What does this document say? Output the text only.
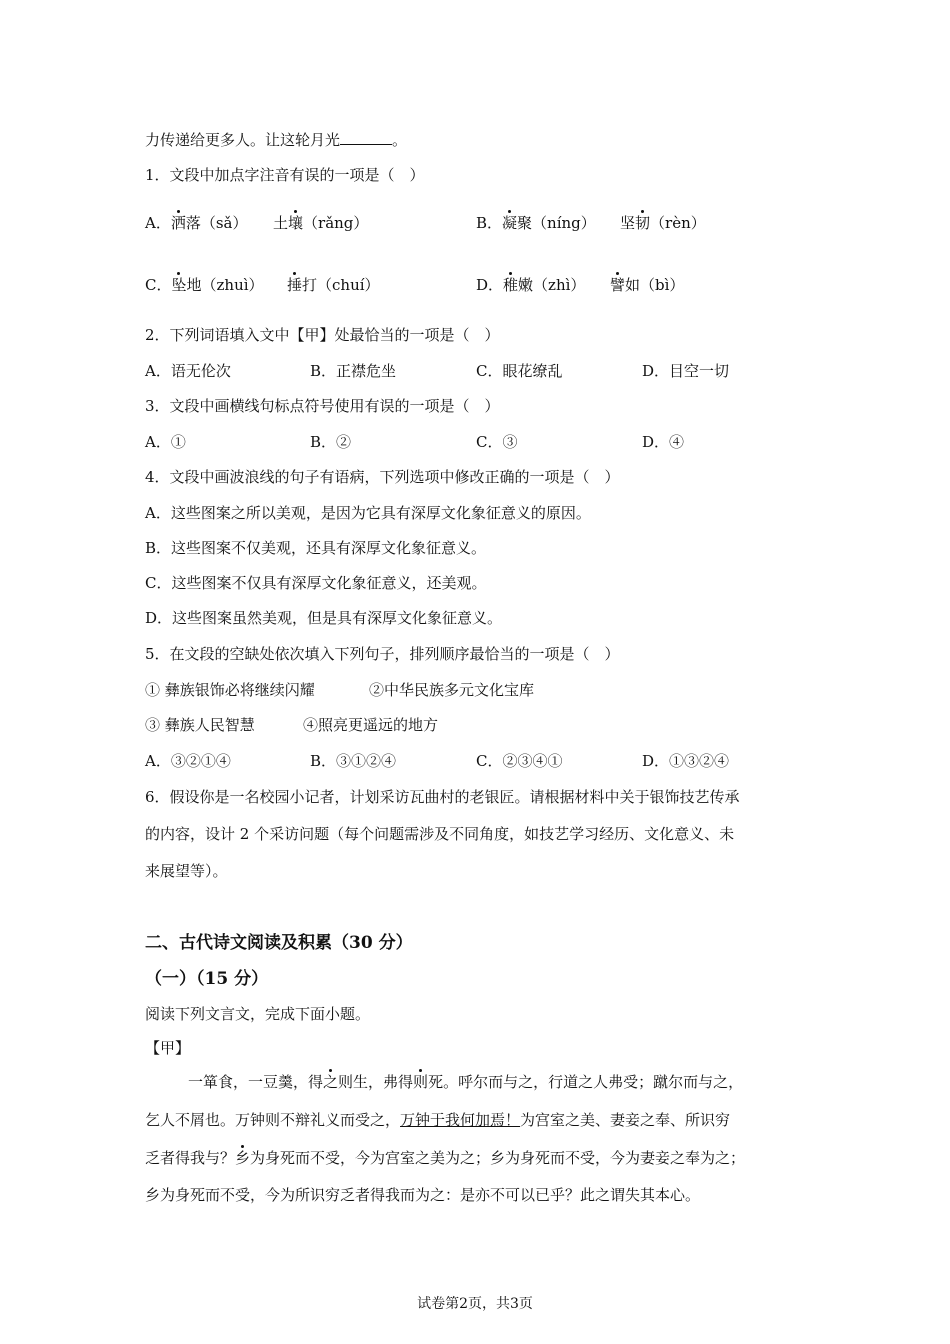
力传递给更多人。让这轮月光	。
1．文段中加点字注音有误的一项是（　）
A．洒落（sǎ） 土壤（rǎng）	B．凝聚（níng） 坚韧（rèn）
C．坠地（zhuì） 捶打（chuí）	D．稚嫩（zhì） 譬如（bì）
2．下列词语填入文中【甲】处最恰当的一项是（　）
A．语无伦次	B．正襟危坐	C．眼花缭乱	D．目空一切
3．文段中画横线句标点符号使用有误的一项是（　）
A．①	B．②	C．③	D．④
4．文段中画波浪线的句子有语病，下列选项中修改正确的一项是（　）
A．这些图案之所以美观，是因为它具有深厚文化象征意义的原因。
B．这些图案不仅美观，还具有深厚文化象征意义。
C．这些图案不仅具有深厚文化象征意义，还美观。
D．这些图案虽然美观，但是具有深厚文化象征意义。
5．在文段的空缺处依次填入下列句子，排列顺序最恰当的一项是（　）
① 彝族银饰必将继续闪耀	②中华民族多元文化宝库
③ 彝族人民智慧	④照亮更遥远的地方
A．③②①④	B．③①②④	C．②③④①	D．①③②④
6．假设你是一名校园小记者，计划采访瓦曲村的老银匠。请根据材料中关于银饰技艺传承
的内容，设计 2 个采访问题（每个问题需涉及不同角度，如技艺学习经历、文化意义、未
来展望等）。
二、古代诗文阅读及积累（30 分）
（一）（15 分）
阅读下列文言文，完成下面小题。
【甲】
一箪食，一豆羹，得之则生，弗得则死。呼尔而与之，行道之人弗受；蹴尔而与之，
乞人不屑也。万钟则不辩礼义而受之，万钟于我何加焉！为宫室之美、妻妾之奉、所识穷
乏者得我与？乡为身死而不受，今为宫室之美为之；乡为身死而不受，今为妻妾之奉为之；
乡为身死而不受，今为所识穷乏者得我而为之：是亦不可以已乎？此之谓失其本心。
试卷第2页，共3页
